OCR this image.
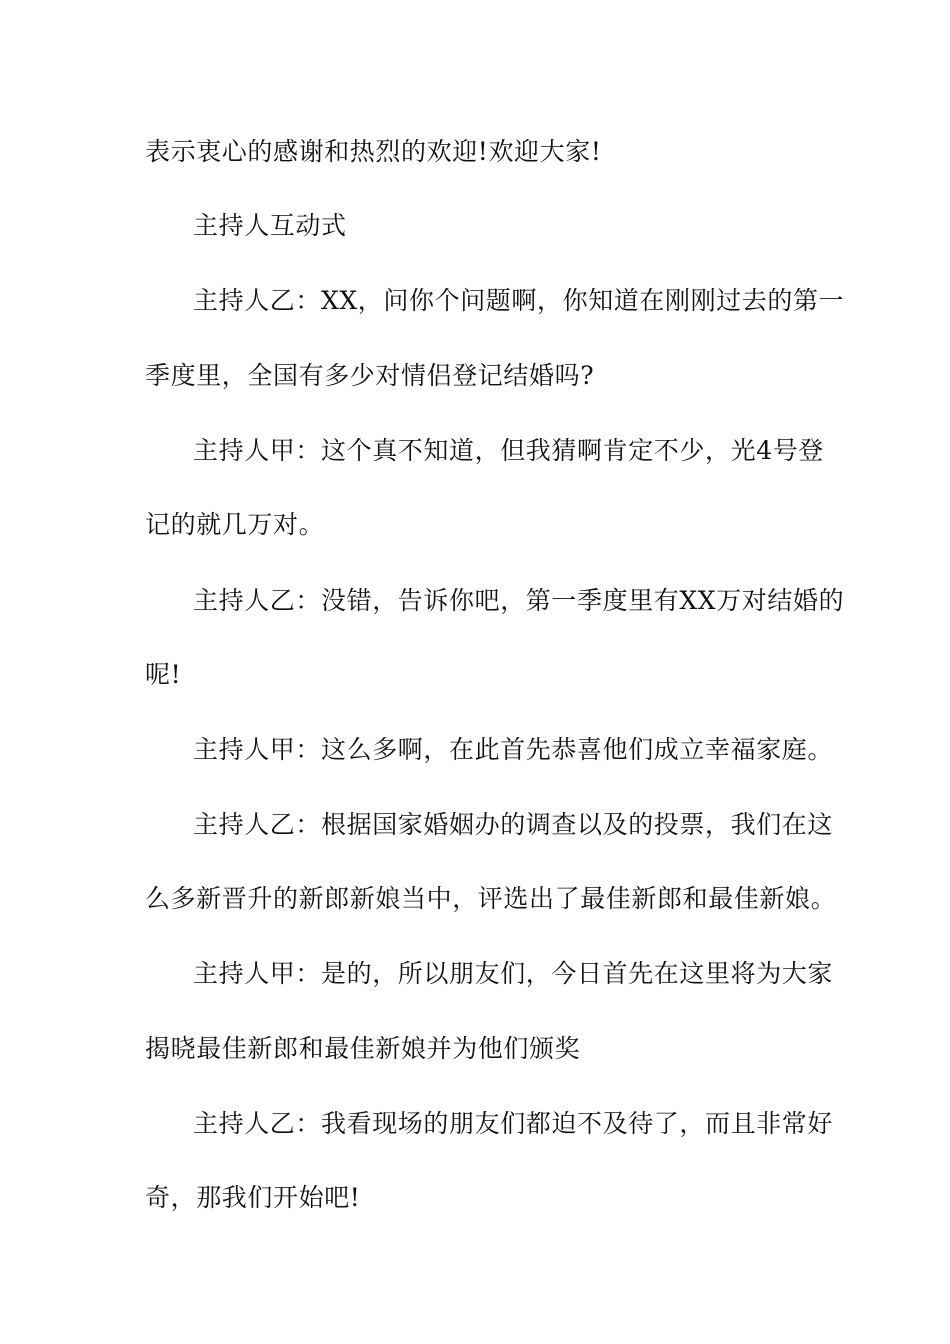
表示衷心的感谢和热烈的欢迎!欢迎大家!

主持人互动式

主持人乙：XX，问你个问题啊，你知道在刚刚过去的第一

季度里，全国有多少对情侣登记结婚吗?

主持人甲：这个真不知道，但我猜啊肯定不少，光4号登

记的就几万对。

主持人乙：没错，告诉你吧，第一季度里有XX万对结婚的

呢!

主持人甲：这么多啊，在此首先恭喜他们成立幸福家庭。

主持人乙：根据国家婚姻办的调查以及的投票，我们在这

么多新晋升的新郎新娘当中，评选出了最佳新郎和最佳新娘。

主持人甲：是的，所以朋友们，今日首先在这里将为大家

揭晓最佳新郎和最佳新娘并为他们颁奖

主持人乙：我看现场的朋友们都迫不及待了，而且非常好

奇，那我们开始吧!
